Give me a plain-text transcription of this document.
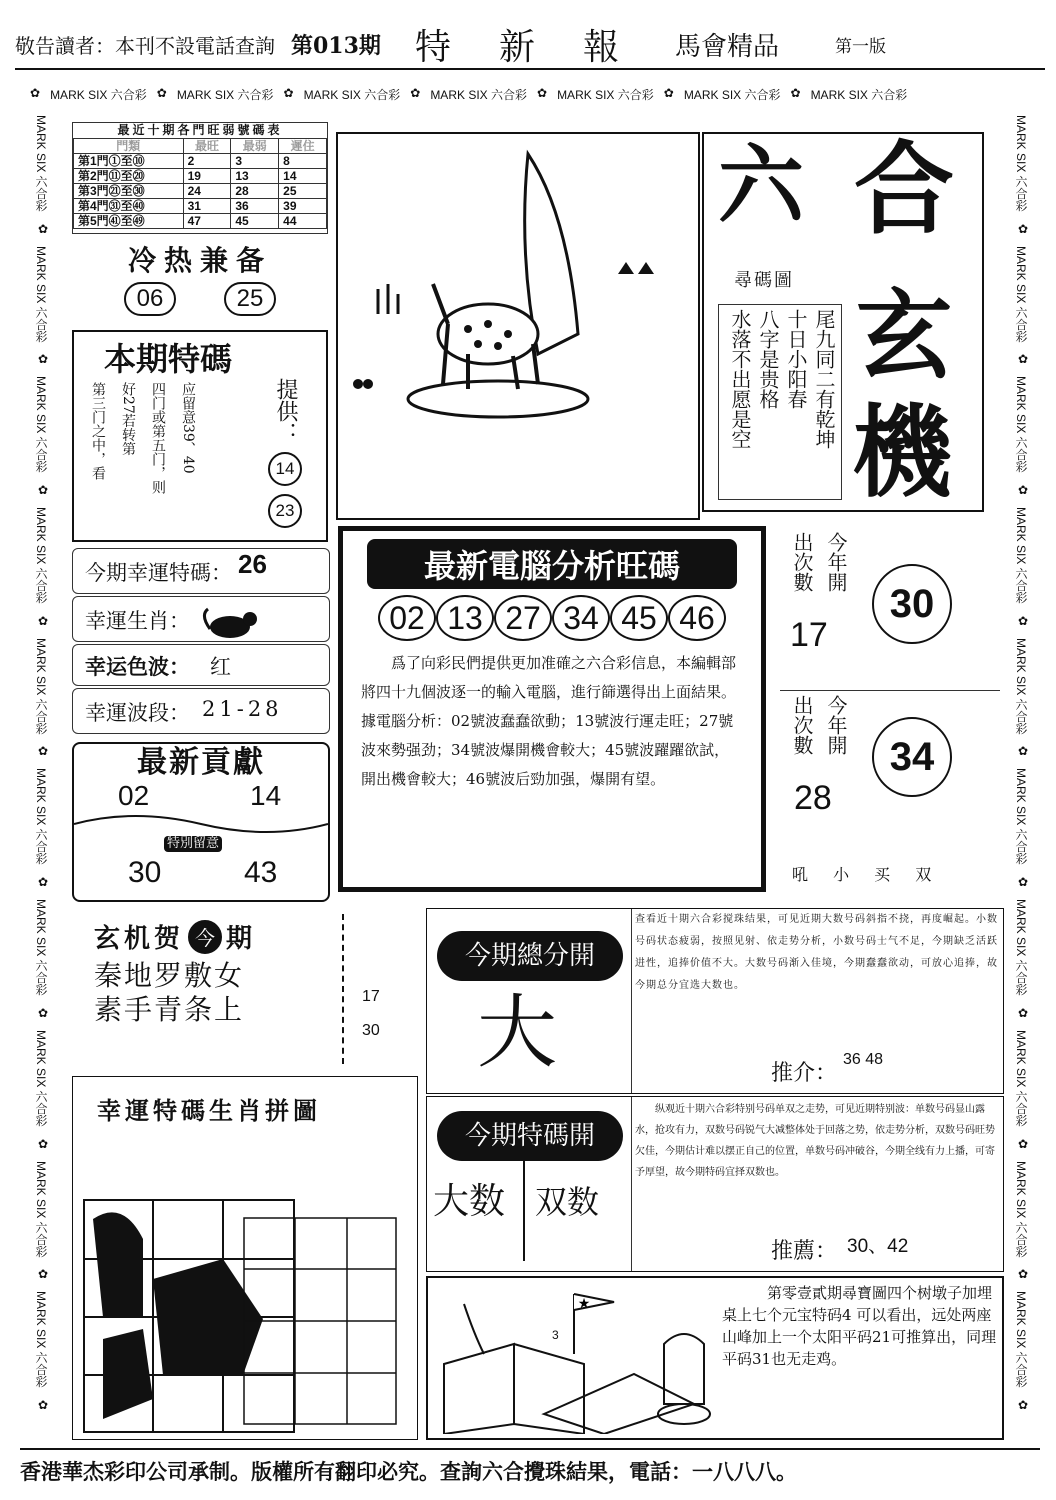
敬告讀者：本刊不設電話查詢 第013期 特　新　報 馬會精品	第一版
✿ MARK SIX 六合彩 ✿ MARK SIX 六合彩 ✿ MARK SIX 六合彩 ✿ MARK SIX 六合彩 ✿ MARK SIX 六合彩 ✿ MARK SIX 六合彩 ✿ MARK SIX 六合彩
MARK SIX 六合彩
✿
MARK SIX 六合彩
✿
MARK SIX 六合彩
✿
MARK SIX 六合彩
✿
MARK SIX 六合彩
✿
MARK SIX 六合彩
✿
MARK SIX 六合彩
✿
MARK SIX 六合彩
✿
MARK SIX 六合彩
✿
MARK SIX 六合彩
✿
MARK SIX 六合彩
✿
MARK SIX 六合彩
✿
MARK SIX 六合彩
✿
MARK SIX 六合彩
✿
MARK SIX 六合彩
✿
MARK SIX 六合彩
✿
MARK SIX 六合彩
✿
MARK SIX 六合彩
✿
MARK SIX 六合彩
✿
MARK SIX 六合彩
✿
最近十期各門旺弱號碼表
門類	最旺	最弱	遲住
第1門①至⑩	2	3	8
第2門⑪至⑳	19	13	14
第3門㉑至㉚	24	28	25
第4門㉛至㊵	31	36	39
第5門㊶至㊾	47	45	44
冷热兼备
06	25
本期特碼
应留意39、40
四门或第五门，则
好27若转第
第三门之中，看	提供：
14
23
今期幸運特碼： 26
幸運生肖：
幸运色波： 红
幸運波段： 21-28
最新貢獻
02	14
特別留意
30	43
六 合
尋碼圖
尾九同二有乾坤
十日小阳春
八字是贵格
水落不出愿是空 玄
機
最新電腦分析旺碼
02 13 27 34 45 46

爲了向彩民們提供更加准確之六合彩信息，本編輯部將四十九個波逐一的輸入電腦，進行篩選得出上面結果。據電腦分析：02號波蠢蠢欲動；13號波行運走旺；27號波來勢强劲；34號波爆開機會較大；45號波躍躍欲試，開出機會較大；46號波后勁加强，爆開有望。

今年開
出次數
17
30
今年開
出次數
28
34
吼 小 买 双
玄机贺 今 期
秦地罗敷女
素手青条上	17
30
今期總分開
大

查看近十期六合彩搅珠结果，可见近期大数号码斜指不挠，再度崛起。小数号码状态疲弱，按照见射、依走势分析，小数号码士气不足，今期缺乏活跃进性，追捧价值不大。大数号码渐入佳境，今期蠢蠢欲动，可放心追捧，故今期总分宜选大数也。

推介：
36 48
今期特碼開
大数 双数

纵观近十期六合彩特别号码单双之走势，可见近期特别波：单数号码显山露水，抢攻有力，双数号码锐气大减整体处于回落之势，依走势分析，双数号码旺势欠佳，今期估计难以摆正自己的位置，单数号码冲破谷，今期全线有力上播，可寄予厚望，故今期特码宜择双数也。

推薦： 30、42
幸運特碼生肖拼圖
★
3

第零壹貳期尋寶圖四个树墩子加埋桌上七个元宝特码4 可以看出，远处两座山峰加上一个太阳平码21可推算出，同理平码31也无走鸡。

香港華杰彩印公司承制。版權所有翻印必究。查詢六合攪珠結果，電話：一八八八。
